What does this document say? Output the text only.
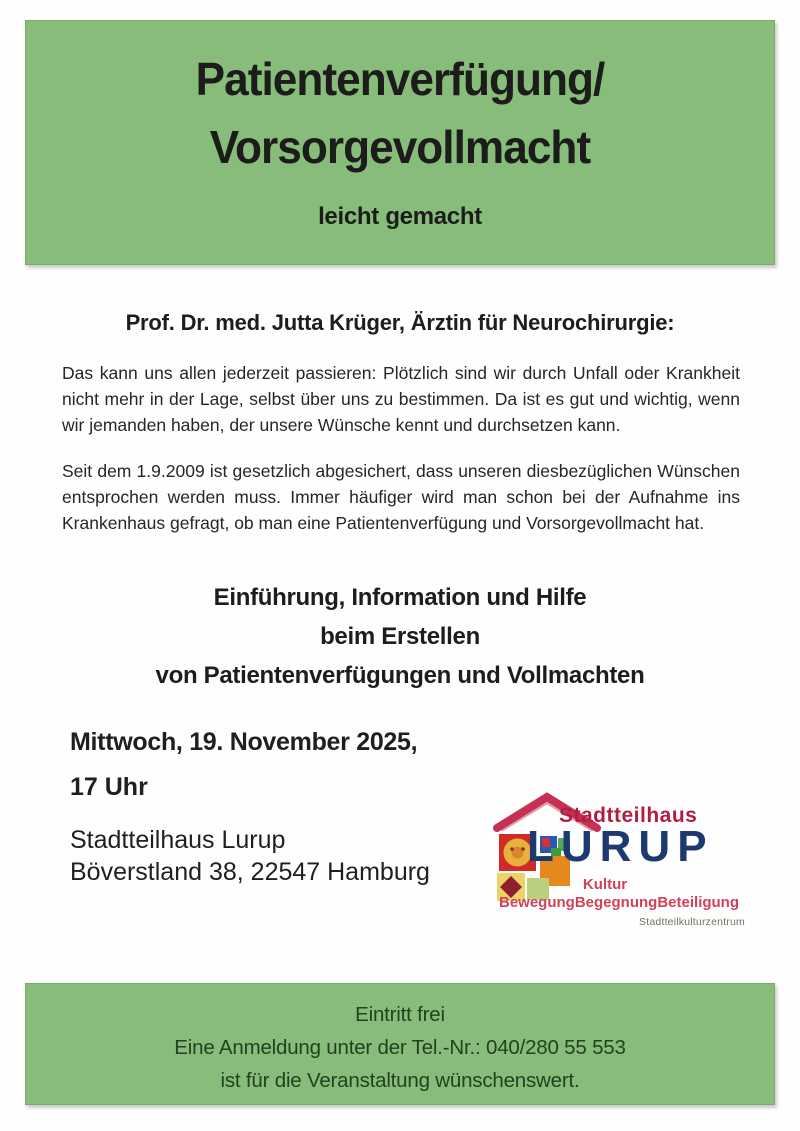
Patientenverfügung/
Vorsorgevollmacht
leicht gemacht
Prof. Dr. med. Jutta Krüger, Ärztin für Neurochirurgie:

Das kann uns allen jederzeit passieren: Plötzlich sind wir durch Unfall oder Krankheit nicht mehr in der Lage, selbst über uns zu bestimmen. Da ist es gut und wichtig, wenn wir jemanden haben, der unsere Wünsche kennt und durchsetzen kann.

Seit dem 1.9.2009 ist gesetzlich abgesichert, dass unseren diesbezüglichen Wünschen entsprochen werden muss. Immer häufiger wird man schon bei der Aufnahme ins Krankenhaus gefragt, ob man eine Patientenverfügung und Vorsorgevollmacht hat.

Einführung, Information und Hilfe
beim Erstellen
von Patientenverfügungen und Vollmachten
Mittwoch, 19. November 2025,
17 Uhr
Stadtteilhaus Lurup
Böverstland 38, 22547 Hamburg
Stadtteilhaus
LURUP
Kultur
Bewegung Begegnung Beteiligung
Stadtteilkulturzentrum
Eintritt frei
Eine Anmeldung unter der Tel.-Nr.: 040/280 55 553
ist für die Veranstaltung wünschenswert.
